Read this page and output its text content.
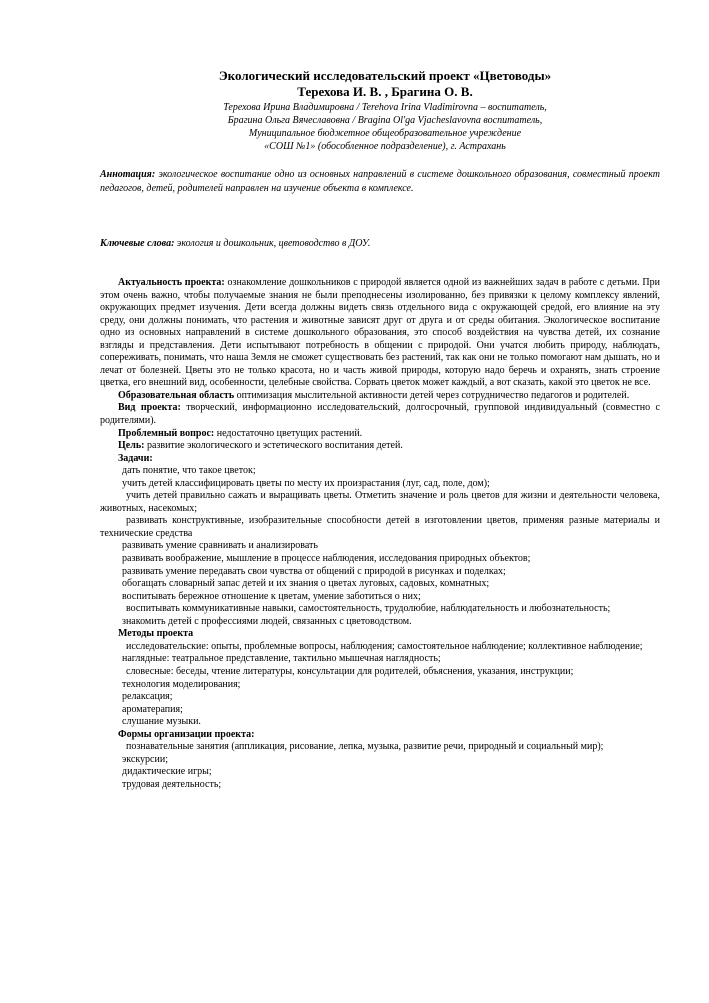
Экологический исследовательский проект «Цветоводы»
Терехова И. В. , Брагина О. В.
Терехова Ирина Владимировна / Terehova Irina Vladimirovna – воспитатель,
Брагина Ольга Вячеславовна / Bragina Ol'ga Vjacheslavovna воспитатель,
Муниципальное бюджетное общеобразовательное учреждение
«СОШ №1» (обособленное подразделение), г. Астрахань
Аннотация: экологическое воспитание одно из основных направлений в системе дошкольного образования, совместный проект педагогов, детей, родителей направлен на изучение объекта в комплексе.
Ключевые слова: экология и дошкольник, цветоводство в ДОУ.

Актуальность проекта: ознакомление дошкольников с природой является одной из важнейших задач в работе с детьми. При этом очень важно, чтобы получаемые знания не были преподнесены изолированно, без привязки к целому комплексу явлений, окружающих предмет изучения. Дети всегда должны видеть связь отдельного вида с окружающей средой, его влияние на эту среду, они должны понимать, что растения и животные зависят друг от друга и от среды обитания. Экологическое воспитание одно из основных направлений в системе дошкольного образования, это способ воздействия на чувства детей, их сознание взгляды и представления. Дети испытывают потребность в общении с природой. Они учатся любить природу, наблюдать, сопереживать, понимать, что наша Земля не сможет существовать без растений, так как они не только помогают нам дышать, но и лечат от болезней. Цветы это не только красота, но и часть живой природы, которую надо беречь и охранять, знать строение цветка, его внешний вид, особенности, целебные свойства. Сорвать цветок может каждый, а вот сказать, какой это цветок не все.

Образовательная область оптимизация мыслительной активности детей через сотрудничество педагогов и родителей.

Вид проекта: творческий, информационно исследовательский, долгосрочный, групповой индивидуальный (совместно с родителями).

Проблемный вопрос: недостаточно цветущих растений.

Цель: развитие экологического и эстетического воспитания детей.

Задачи:

дать понятие, что такое цветок;

учить детей классифицировать цветы по месту их произрастания (луг, сад, поле, дом);

учить детей правильно сажать и выращивать цветы. Отметить значение и роль цветов для жизни и деятельности человека, животных, насекомых;

развивать конструктивные, изобразительные способности детей в изготовлении цветов, применяя разные материалы и технические средства

развивать умение сравнивать и анализировать

развивать воображение, мышление в процессе наблюдения, исследования природных объектов;

развивать умение передавать свои чувства от общений с природой в рисунках и поделках;

обогащать словарный запас детей и их знания о цветах луговых, садовых, комнатных;

воспитывать бережное отношение к цветам, умение заботиться о них;

воспитывать коммуникативные навыки, самостоятельность, трудолюбие, наблюдательность и любознательность;

знакомить детей с профессиями людей, связанных с цветоводством.

Методы проекта

исследовательские: опыты, проблемные вопросы, наблюдения; самостоятельное наблюдение; коллективное наблюдение;

наглядные: театральное представление, тактильно мышечная наглядность;

словесные: беседы, чтение литературы, консультации для родителей, объяснения, указания, инструкции;

технология моделирования;

релаксация;

ароматерапия;

слушание музыки.

Формы организации проекта:

познавательные занятия (аппликация, рисование, лепка, музыка, развитие речи, природный и социальный мир);

экскурсии;

дидактические игры;

трудовая деятельность;
